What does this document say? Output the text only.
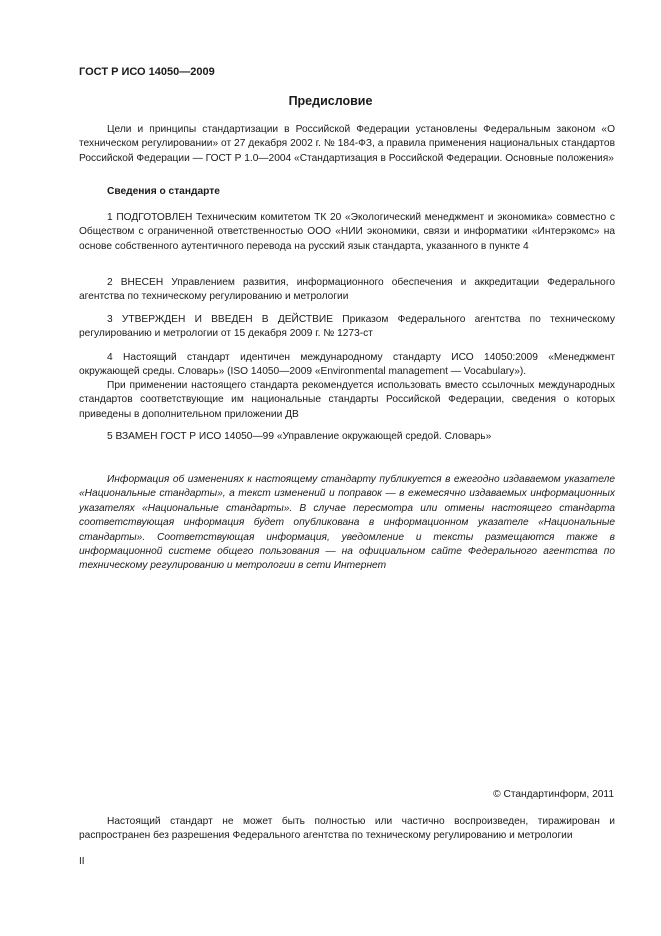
ГОСТ Р ИСО 14050—2009
Предисловие

Цели и принципы стандартизации в Российской Федерации установлены Федеральным законом «О техническом регулировании» от 27 декабря 2002 г. № 184-ФЗ, а правила применения национальных стандартов Российской Федерации — ГОСТ Р 1.0—2004 «Стандартизация в Российской Федерации. Основные положения»

Сведения о стандарте

1 ПОДГОТОВЛЕН Техническим комитетом ТК 20 «Экологический менеджмент и экономика» совместно с Обществом с ограниченной ответственностью ООО «НИИ экономики, связи и информатики «Интерэкомс» на основе собственного аутентичного перевода на русский язык стандарта, указанного в пункте 4

2 ВНЕСЕН Управлением развития, информационного обеспечения и аккредитации Федерального агентства по техническому регулированию и метрологии

3 УТВЕРЖДЕН И ВВЕДЕН В ДЕЙСТВИЕ Приказом Федерального агентства по техническому регулированию и метрологии от 15 декабря 2009 г. № 1273-ст

4 Настоящий стандарт идентичен международному стандарту ИСО 14050:2009 «Менеджмент окружающей среды. Словарь» (ISO 14050—2009 «Environmental management — Vocabulary»).

При применении настоящего стандарта рекомендуется использовать вместо ссылочных международных стандартов соответствующие им национальные стандарты Российской Федерации, сведения о которых приведены в дополнительном приложении ДВ

5 ВЗАМЕН ГОСТ Р ИСО 14050—99 «Управление окружающей средой. Словарь»

Информация об изменениях к настоящему стандарту публикуется в ежегодно издаваемом указателе «Национальные стандарты», а текст изменений и поправок — в ежемесячно издаваемых информационных указателях «Национальные стандарты». В случае пересмотра или отмены настоящего стандарта соответствующая информация будет опубликована в информационном указателе «Национальные стандарты». Соответствующая информация, уведомление и тексты размещаются также в информационной системе общего пользования — на официальном сайте Федерального агентства по техническому регулированию и метрологии в сети Интернет

© Стандартинформ, 2011

Настоящий стандарт не может быть полностью или частично воспроизведен, тиражирован и распространен без разрешения Федерального агентства по техническому регулированию и метрологии

II
